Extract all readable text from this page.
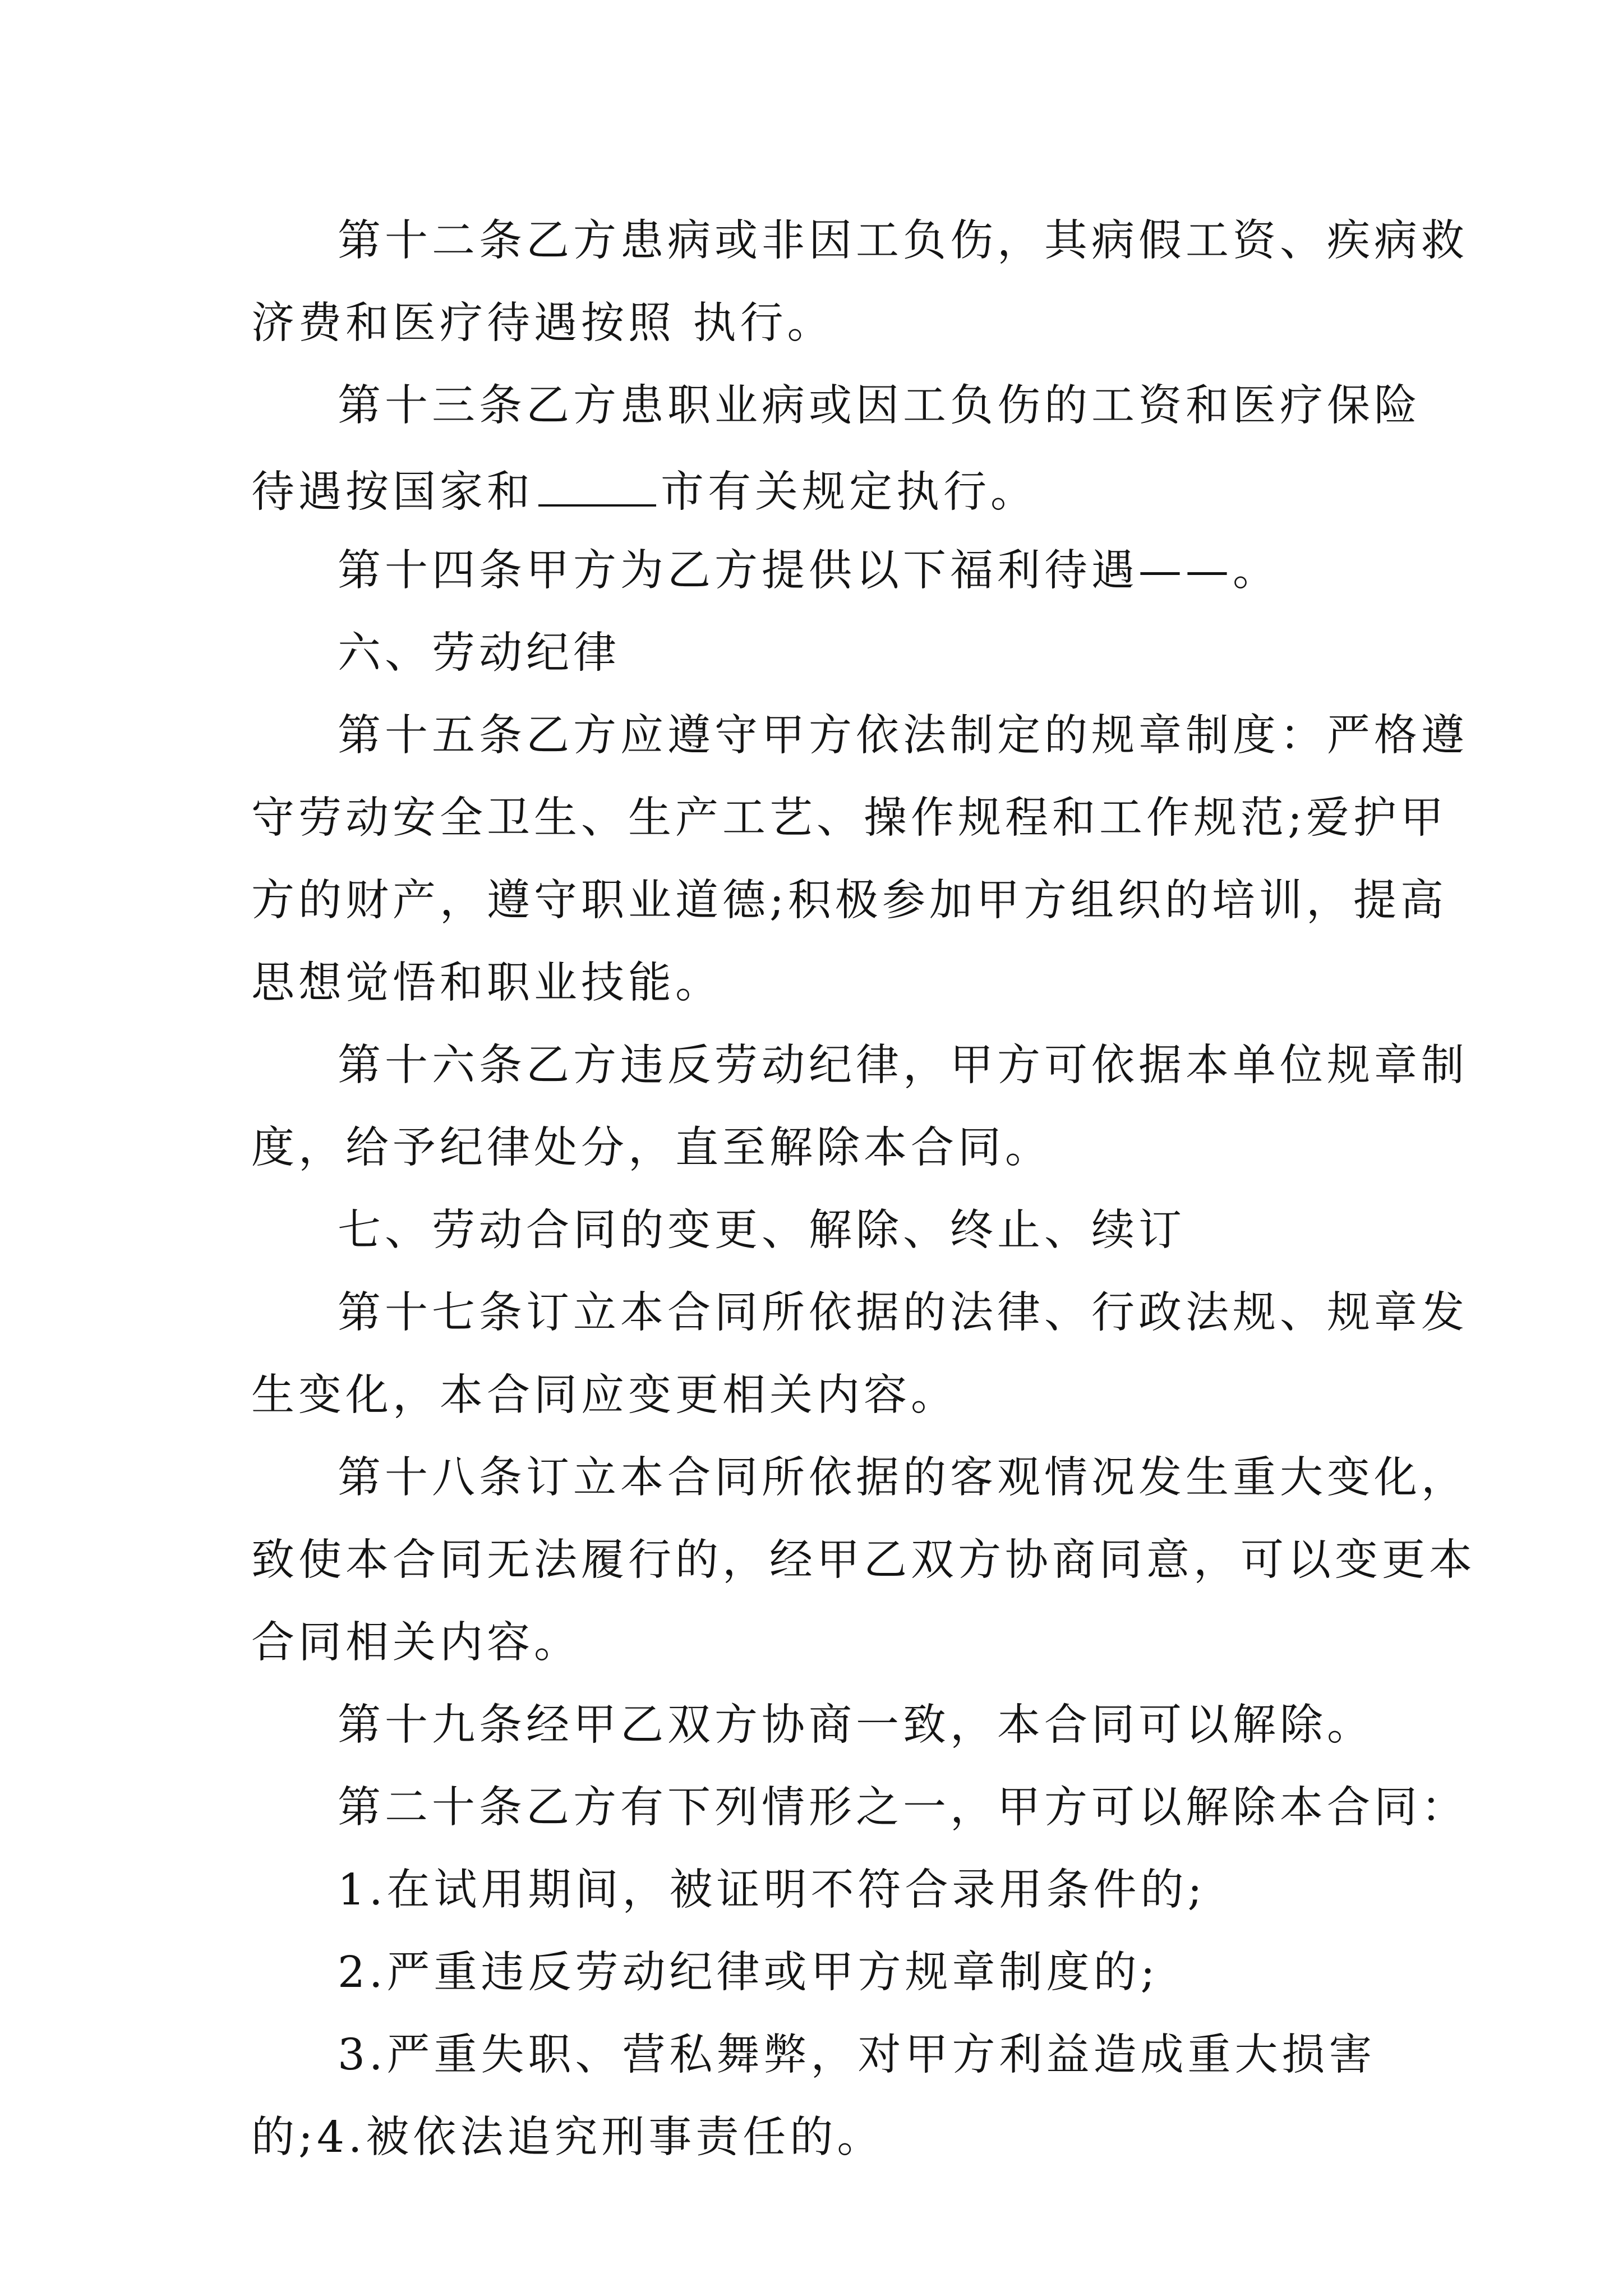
第十二条乙方患病或非因工负伤，其病假工资、疾病救
济费和医疗待遇按照 执行。
第十三条乙方患职业病或因工负伤的工资和医疗保险
待遇按国家和	市有关规定执行。
第十四条甲方为乙方提供以下福利待遇——。
六、劳动纪律
第十五条乙方应遵守甲方依法制定的规章制度：严格遵
守劳动安全卫生、生产工艺、操作规程和工作规范;爱护甲
方的财产，遵守职业道德;积极参加甲方组织的培训，提高
思想觉悟和职业技能。
第十六条乙方违反劳动纪律，甲方可依据本单位规章制
度，给予纪律处分，直至解除本合同。
七、劳动合同的变更、解除、终止、续订
第十七条订立本合同所依据的法律、行政法规、规章发
生变化，本合同应变更相关内容。
第十八条订立本合同所依据的客观情况发生重大变化，
致使本合同无法履行的，经甲乙双方协商同意，可以变更本
合同相关内容。
第十九条经甲乙双方协商一致，本合同可以解除。
第二十条乙方有下列情形之一，甲方可以解除本合同：
1.在试用期间，被证明不符合录用条件的;
2.严重违反劳动纪律或甲方规章制度的;
3.严重失职、营私舞弊，对甲方利益造成重大损害
的;4.被依法追究刑事责任的。
